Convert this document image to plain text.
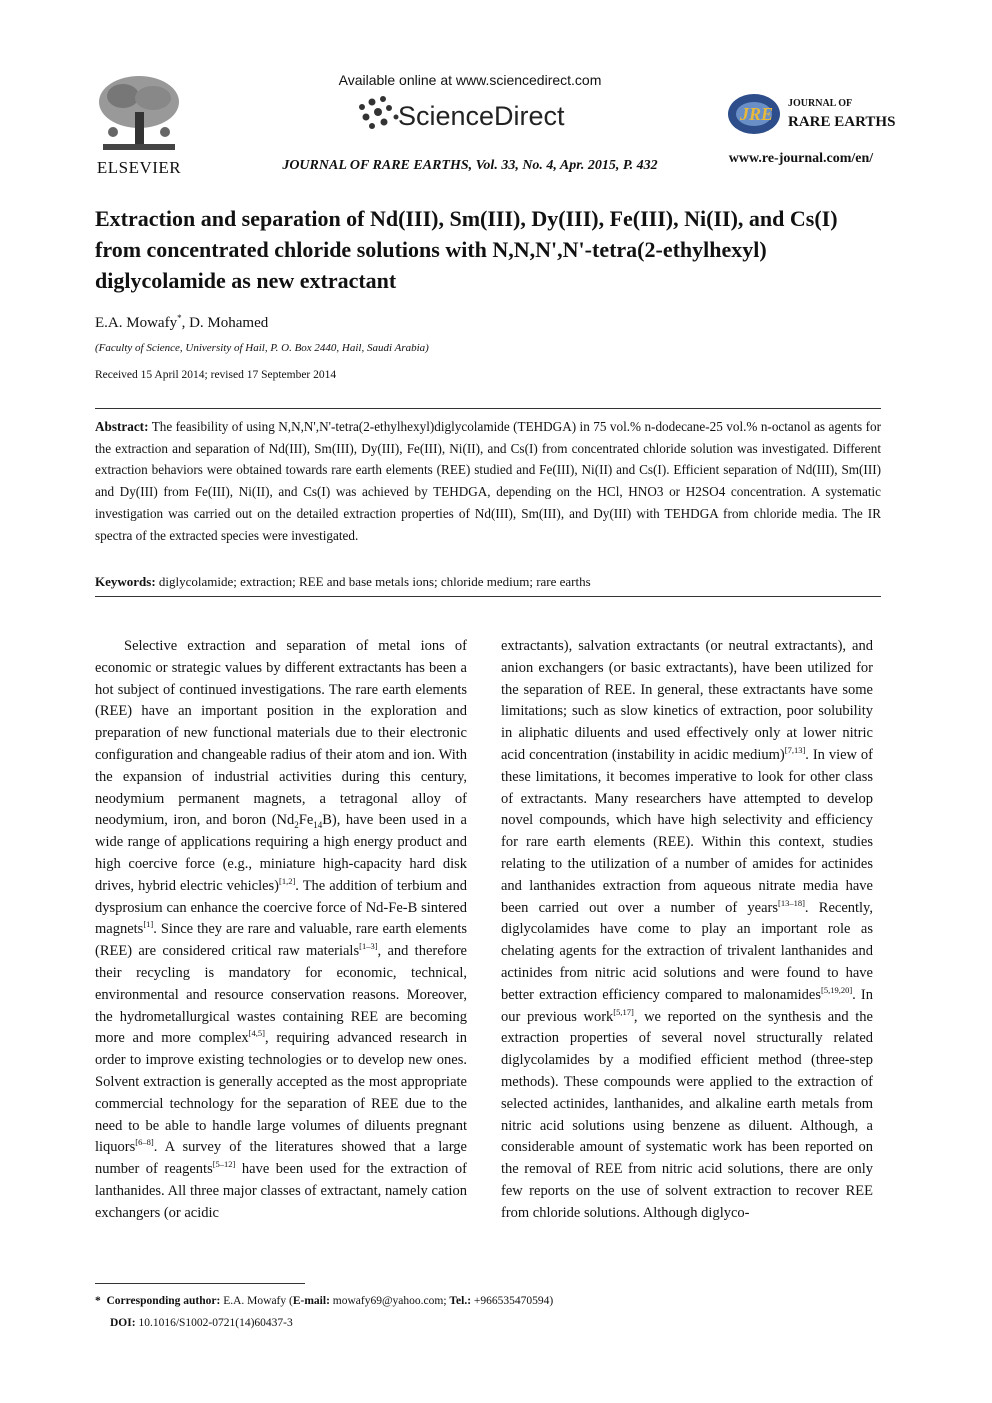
ELSEVIER
Available online at www.sciencedirect.com
ScienceDirect
JOURNAL OF RARE EARTHS, Vol. 33, No. 4, Apr. 2015, P. 432
JRE
JOURNAL OF
RARE EARTHS
www.re-journal.com/en/
Extraction and separation of Nd(III), Sm(III), Dy(III), Fe(III), Ni(II), and Cs(I)
from concentrated chloride solutions with N,N,N',N'-tetra(2-ethylhexyl)
diglycolamide as new extractant
E.A. Mowafy*, D. Mohamed
(Faculty of Science, University of Hail, P. O. Box 2440, Hail, Saudi Arabia)
Received 15 April 2014; revised 17 September 2014
Abstract: The feasibility of using N,N,N',N'-tetra(2-ethylhexyl)diglycolamide (TEHDGA) in 75 vol.% n-dodecane-25 vol.% n-octanol as agents for the extraction and separation of Nd(III), Sm(III), Dy(III), Fe(III), Ni(II), and Cs(I) from concentrated chloride solution was investigated. Different extraction behaviors were obtained towards rare earth elements (REE) studied and Fe(III), Ni(II) and Cs(I). Efficient separation of Nd(III), Sm(III) and Dy(III) from Fe(III), Ni(II), and Cs(I) was achieved by TEHDGA, depending on the HCl, HNO3 or H2SO4 concentration. A systematic investigation was carried out on the detailed extraction properties of Nd(III), Sm(III), and Dy(III) with TEHDGA from chloride media. The IR spectra of the extracted species were investigated.
Keywords: diglycolamide; extraction; REE and base metals ions; chloride medium; rare earths

Selective extraction and separation of metal ions of economic or strategic values by different extractants has been a hot subject of continued investigations. The rare earth elements (REE) have an important position in the exploration and preparation of new functional materials due to their electronic configuration and changeable radius of their atom and ion. With the expansion of industrial activities during this century, neodymium permanent magnets, a tetragonal alloy of neodymium, iron, and boron $(Nd_2Fe_{14}B)$, have been used in a wide range of applications requiring a high energy product and high coercive force (e.g., miniature high-capacity hard disk drives, hybrid electric vehicles)[1,2]. The addition of terbium and dysprosium can enhance the coercive force of Nd-Fe-B sintered magnets[1]. Since they are rare and valuable, rare earth elements (REE) are considered critical raw materials[1–3], and therefore their recycling is mandatory for economic, technical, environmental and resource conservation reasons. Moreover, the hydrometallurgical wastes containing REE are becoming more and more complex[4,5], requiring advanced research in order to improve existing technologies or to develop new ones. Solvent extraction is generally accepted as the most appropriate commercial technology for the separation of REE due to the need to be able to handle large volumes of diluents pregnant liquors[6–8]. A survey of the literatures showed that a large number of reagents[5–12] have been used for the extraction of lanthanides. All three major classes of extractant, namely cation exchangers (or acidic

extractants), salvation extractants (or neutral extractants), and anion exchangers (or basic extractants), have been utilized for the separation of REE. In general, these extractants have some limitations; such as slow kinetics of extraction, poor solubility in aliphatic diluents and used effectively only at lower nitric acid concentration (instability in acidic medium)[7,13]. In view of these limitations, it becomes imperative to look for other class of extractants. Many researchers have attempted to develop novel compounds, which have high selectivity and efficiency for rare earth elements (REE). Within this context, studies relating to the utilization of a number of amides for actinides and lanthanides extraction from aqueous nitrate media have been carried out over a number of years[13–18]. Recently, diglycolamides have come to play an important role as chelating agents for the extraction of trivalent lanthanides and actinides from nitric acid solutions and were found to have better extraction efficiency compared to malonamides[5,19,20]. In our previous work[5,17], we reported on the synthesis and the extraction properties of several novel structurally related diglycolamides by a modified efficient method (three-step methods). These compounds were applied to the extraction of selected actinides, lanthanides, and alkaline earth metals from nitric acid solutions using benzene as diluent. Although, a considerable amount of systematic work has been reported on the removal of REE from nitric acid solutions, there are only few reports on the use of solvent extraction to recover REE from chloride solutions. Although diglyco-

* Corresponding author: E.A. Mowafy (E-mail: mowafy69@yahoo.com; Tel.: +966535470594)
DOI: 10.1016/S1002-0721(14)60437-3
